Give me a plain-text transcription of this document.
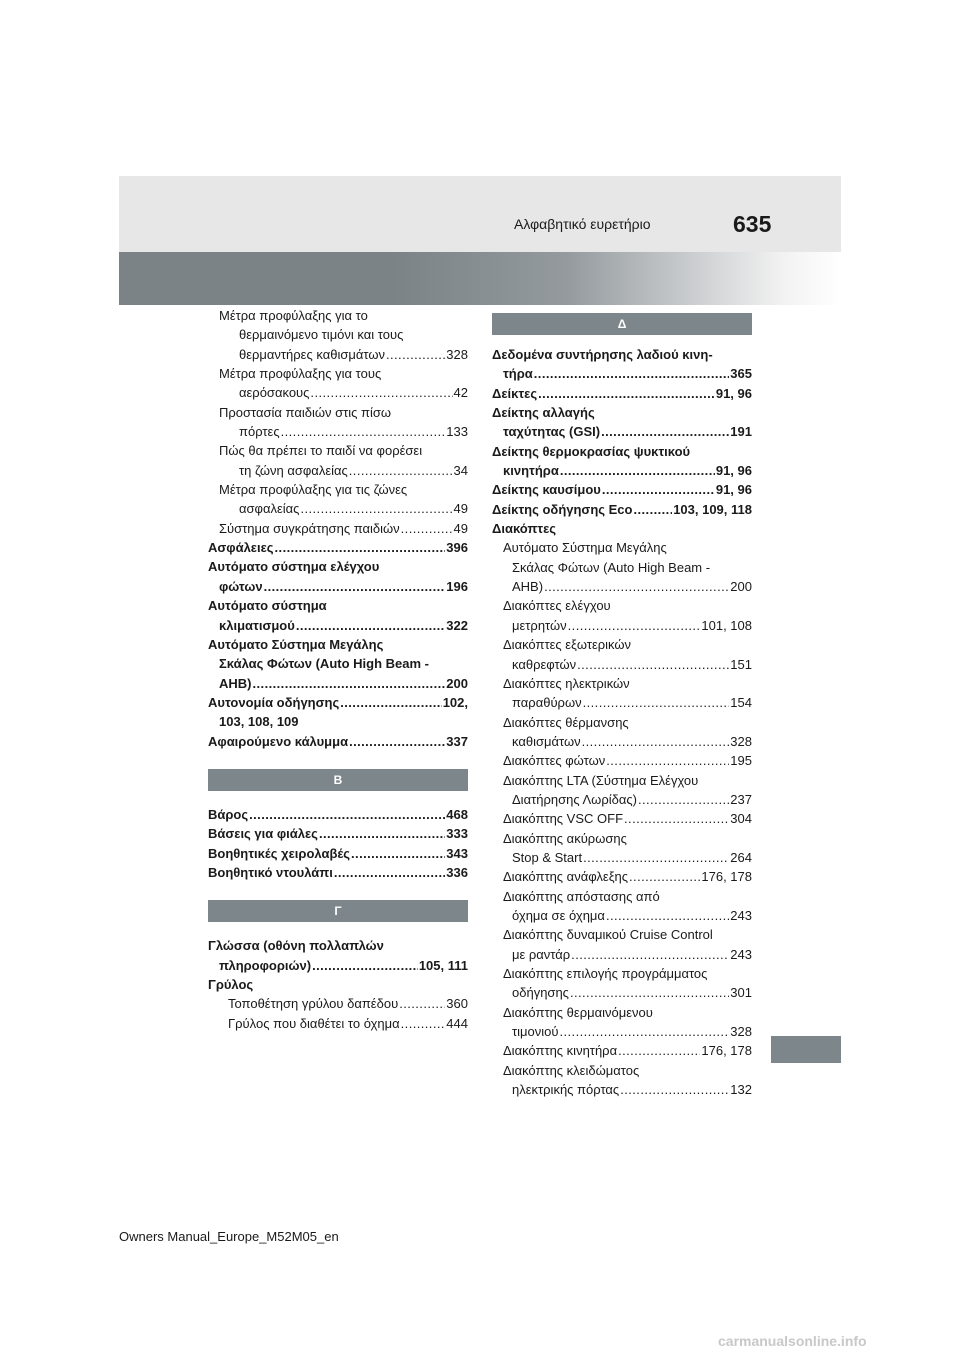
Αλφαβητικό ευρετήριο	635
Μέτρα προφύλαξης για το
θερμαινόμενο τιμόνι και τους
θερμαντήρες καθισμάτων . . .	328
Μέτρα προφύλαξης για τους
αερόσακους . . .	42
Προστασία παιδιών στις πίσω
πόρτες . . .	133
Πώς θα πρέπει το παιδί να φορέσει
τη ζώνη ασφαλείας . . .	34
Μέτρα προφύλαξης για τις ζώνες
ασφαλείας . . .	49
Σύστημα συγκράτησης παιδιών . . .	49
Ασφάλειες . . .	396
Αυτόματο σύστημα ελέγχου
φώτων . . .	196
Αυτόματο σύστημα
κλιματισμού . . .	322
Αυτόματο Σύστημα Μεγάλης
Σκάλας Φώτων (Auto High Beam -
AHB) . . .	200
Αυτονομία οδήγησης . . .	102,
103, 108, 109
Αφαιρούμενο κάλυμμα . . .	337
Β
Βάρος . . .	468
Βάσεις για φιάλες . . .	333
Βοηθητικές χειρολαβές . . .	343
Βοηθητικό ντουλάπι . . .	336
Γ
Γλώσσα (οθόνη πολλαπλών
πληροφοριών) . . .	105, 111
Γρύλος
Τοποθέτηση γρύλου δαπέδου . . .	360
Γρύλος που διαθέτει το όχημα . . .	444
Δ
Δεδομένα συντήρησης λαδιού κινη-
τήρα . . .	365
Δείκτες . . .	91, 96
Δείκτης αλλαγής
ταχύτητας (GSI) . . .	191
Δείκτης θερμοκρασίας ψυκτικού
κινητήρα . . .	91, 96
Δείκτης καυσίμου . . .	91, 96
Δείκτης οδήγησης Eco . . .	103, 109, 118
Διακόπτες
Αυτόματο Σύστημα Μεγάλης
Σκάλας Φώτων (Auto High Beam -
AHB) . . .	200
Διακόπτες ελέγχου
μετρητών . . .	101, 108
Διακόπτες εξωτερικών
καθρεφτών . . .	151
Διακόπτες ηλεκτρικών
παραθύρων . . .	154
Διακόπτες θέρμανσης
καθισμάτων . . .	328
Διακόπτες φώτων . . .	195
Διακόπτης LTA (Σύστημα Ελέγχου
Διατήρησης Λωρίδας) . . .	237
Διακόπτης VSC OFF . . .	304
Διακόπτης ακύρωσης
Stop & Start . . .	264
Διακόπτης ανάφλεξης . . .	176, 178
Διακόπτης απόστασης από
όχημα σε όχημα . . .	243
Διακόπτης δυναμικού Cruise Control
με ραντάρ . . .	243
Διακόπτης επιλογής προγράμματος
οδήγησης . . .	301
Διακόπτης θερμαινόμενου
τιμονιού . . .	328
Διακόπτης κινητήρα . . .	176, 178
Διακόπτης κλειδώματος
ηλεκτρικής πόρτας . . .	132
Owners Manual_Europe_M52M05_en
carmanualsonline.info
